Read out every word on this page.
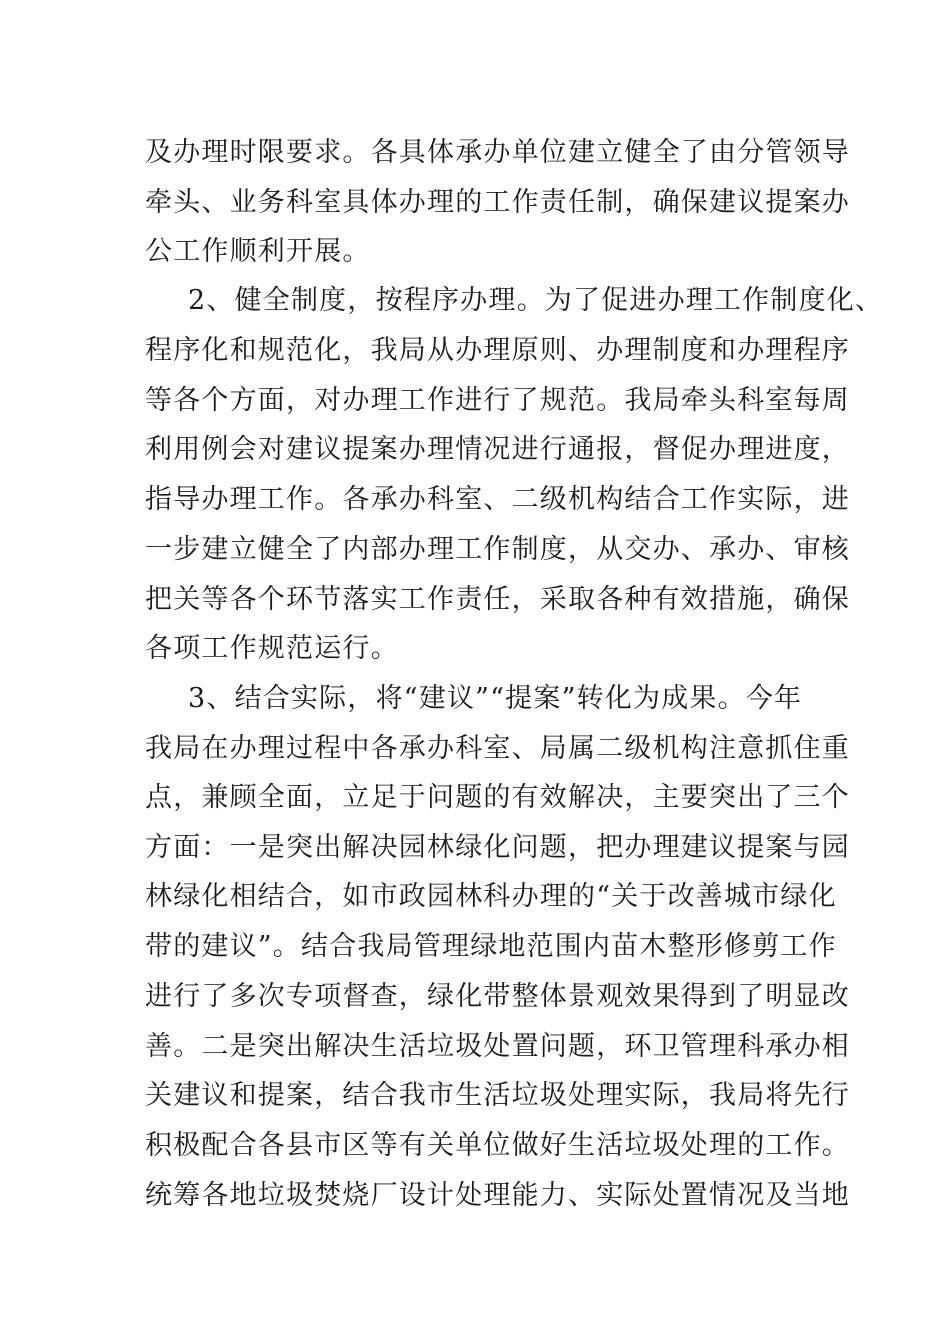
及办理时限要求。各具体承办单位建立健全了由分管领导
牵头、业务科室具体办理的工作责任制，确保建议提案办
公工作顺利开展。
2、健全制度，按程序办理。为了促进办理工作制度化、
程序化和规范化，我局从办理原则、办理制度和办理程序
等各个方面，对办理工作进行了规范。我局牵头科室每周
利用例会对建议提案办理情况进行通报，督促办理进度，
指导办理工作。各承办科室、二级机构结合工作实际，进
一步建立健全了内部办理工作制度，从交办、承办、审核
把关等各个环节落实工作责任，采取各种有效措施，确保
各项工作规范运行。
3、结合实际，将“建议”“提案”转化为成果。今年
我局在办理过程中各承办科室、局属二级机构注意抓住重
点，兼顾全面，立足于问题的有效解决，主要突出了三个
方面：一是突出解决园林绿化问题，把办理建议提案与园
林绿化相结合，如市政园林科办理的“关于改善城市绿化
带的建议”。结合我局管理绿地范围内苗木整形修剪工作
进行了多次专项督查，绿化带整体景观效果得到了明显改
善。二是突出解决生活垃圾处置问题，环卫管理科承办相
关建议和提案，结合我市生活垃圾处理实际，我局将先行
积极配合各县市区等有关单位做好生活垃圾处理的工作。
统筹各地垃圾焚烧厂设计处理能力、实际处置情况及当地
